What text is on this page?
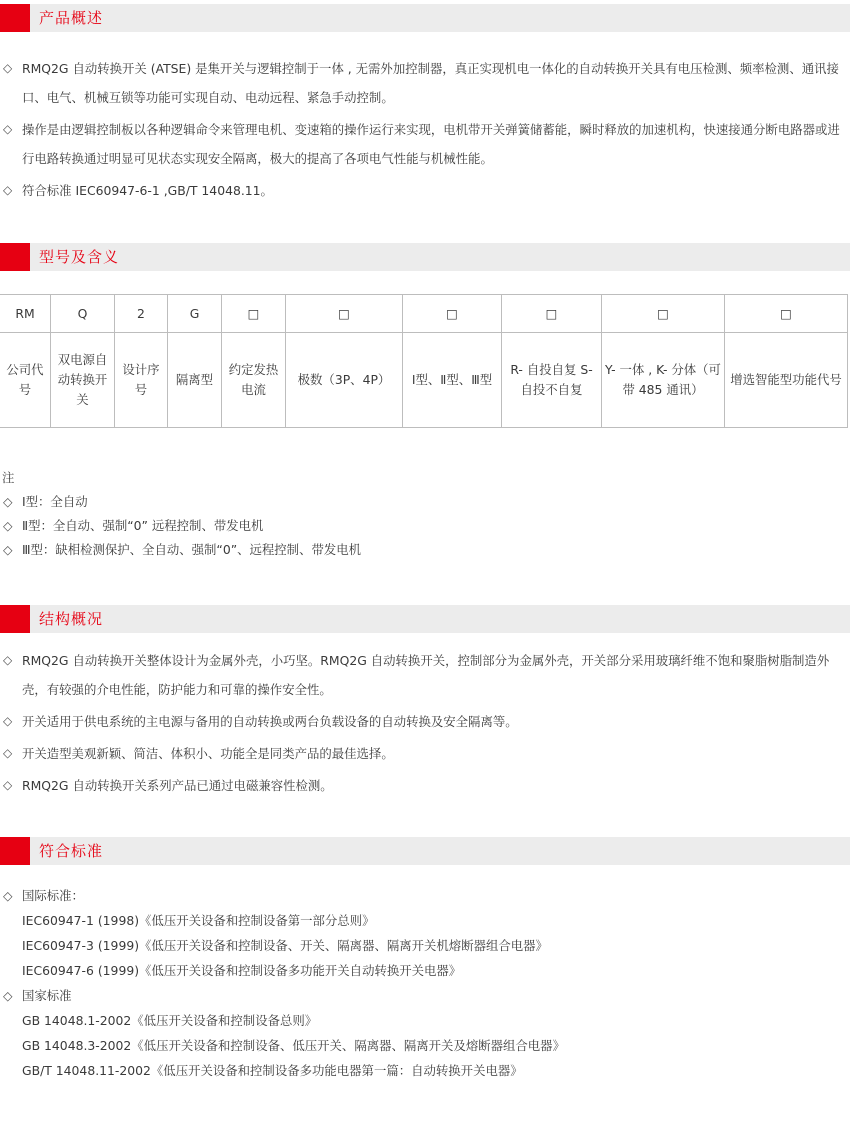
产品概述
◇ RMQ2G 自动转换开关 (ATSE) 是集开关与逻辑控制于一体 , 无需外加控制器，真正实现机电一体化的自动转换开关具有电压检测、频率检测、通讯接口、电气、机械互锁等功能可实现自动、电动远程、紧急手动控制。
◇ 操作是由逻辑控制板以各种逻辑命令来管理电机、变速箱的操作运行来实现，电机带开关弹簧储蓄能，瞬时释放的加速机构，快速接通分断电路器或进行电路转换通过明显可见状态实现安全隔离，极大的提高了各项电气性能与机械性能。
◇ 符合标准 IEC60947-6-1 ,GB/T 14048.11。
型号及含义
RM	Q	2	G	□	□	□	□	□	□
公司代号	双电源自动转换开关	设计序号	隔离型	约定发热电流	极数（3P、4P）	Ⅰ型、Ⅱ型、Ⅲ型	R- 自投自复 S- 自投不自复	Y- 一体 , K- 分体（可带 485 通讯）	增选智能型功能代号
注
◇ Ⅰ型：全自动
◇ Ⅱ型：全自动、强制“0” 远程控制、带发电机
◇ Ⅲ型：缺相检测保护、全自动、强制“0”、远程控制、带发电机
结构概况
◇ RMQ2G 自动转换开关整体设计为金属外壳，小巧坚。RMQ2G 自动转换开关，控制部分为金属外壳，开关部分采用玻璃纤维不饱和聚脂树脂制造外壳，有较强的介电性能，防护能力和可靠的操作安全性。
◇ 开关适用于供电系统的主电源与备用的自动转换或两台负载设备的自动转换及安全隔离等。
◇ 开关造型美观新颖、简洁、体积小、功能全是同类产品的最佳选择。
◇ RMQ2G 自动转换开关系列产品已通过电磁兼容性检测。
符合标准
◇ 国际标准：
IEC60947-1 (1998)《低压开关设备和控制设备第一部分总则》
IEC60947-3 (1999)《低压开关设备和控制设备、开关、隔离器、隔离开关机熔断器组合电器》
IEC60947-6 (1999)《低压开关设备和控制设备多功能开关自动转换开关电器》
◇ 国家标准
GB 14048.1-2002《低压开关设备和控制设备总则》
GB 14048.3-2002《低压开关设备和控制设备、低压开关、隔离器、隔离开关及熔断器组合电器》
GB/T 14048.11-2002《低压开关设备和控制设备多功能电器第一篇：自动转换开关电器》
